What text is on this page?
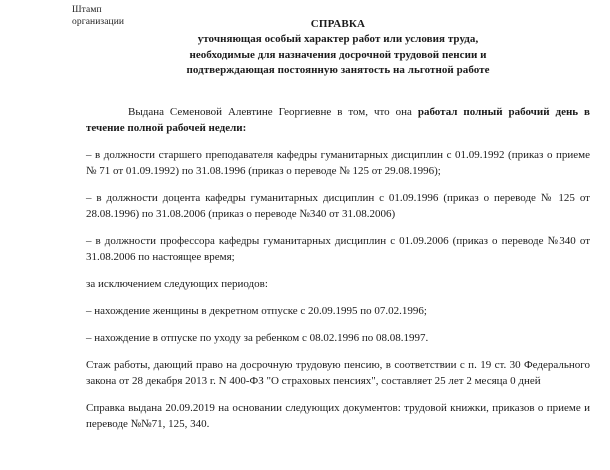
Штамп
организации	СПРАВКА
уточняющая особый характер работ или условия труда,
необходимые для назначения досрочной трудовой пенсии и
подтверждающая постоянную занятость на льготной работе

Выдана Семеновой Алевтине Георгиевне в том, что она работал полный рабочий день в течение полной рабочей недели:

– в должности старшего преподавателя кафедры гуманитарных дисциплин с 01.09.1992 (приказ о приеме № 71 от 01.09.1992) по 31.08.1996 (приказ о переводе № 125 от 29.08.1996);

– в должности доцента кафедры гуманитарных дисциплин с 01.09.1996 (приказ о переводе № 125 от 28.08.1996) по 31.08.2006 (приказ о переводе №340 от 31.08.2006)

– в должности профессора кафедры гуманитарных дисциплин с 01.09.2006 (приказ о переводе №340 от 31.08.2006 по настоящее время;

за исключением следующих периодов:

– нахождение женщины в декретном отпуске с 20.09.1995 по 07.02.1996;

– нахождение в отпуске по уходу за ребенком с 08.02.1996 по 08.08.1997.

Стаж работы, дающий право на досрочную трудовую пенсию, в соответствии с п. 19 ст. 30 Федерального закона от 28 декабря 2013 г. N 400-ФЗ "О страховых пенсиях", составляет 25 лет 2 месяца 0 дней

Справка выдана 20.09.2019 на основании следующих документов: трудовой книжки, приказов о приеме и переводе №№71, 125, 340.
